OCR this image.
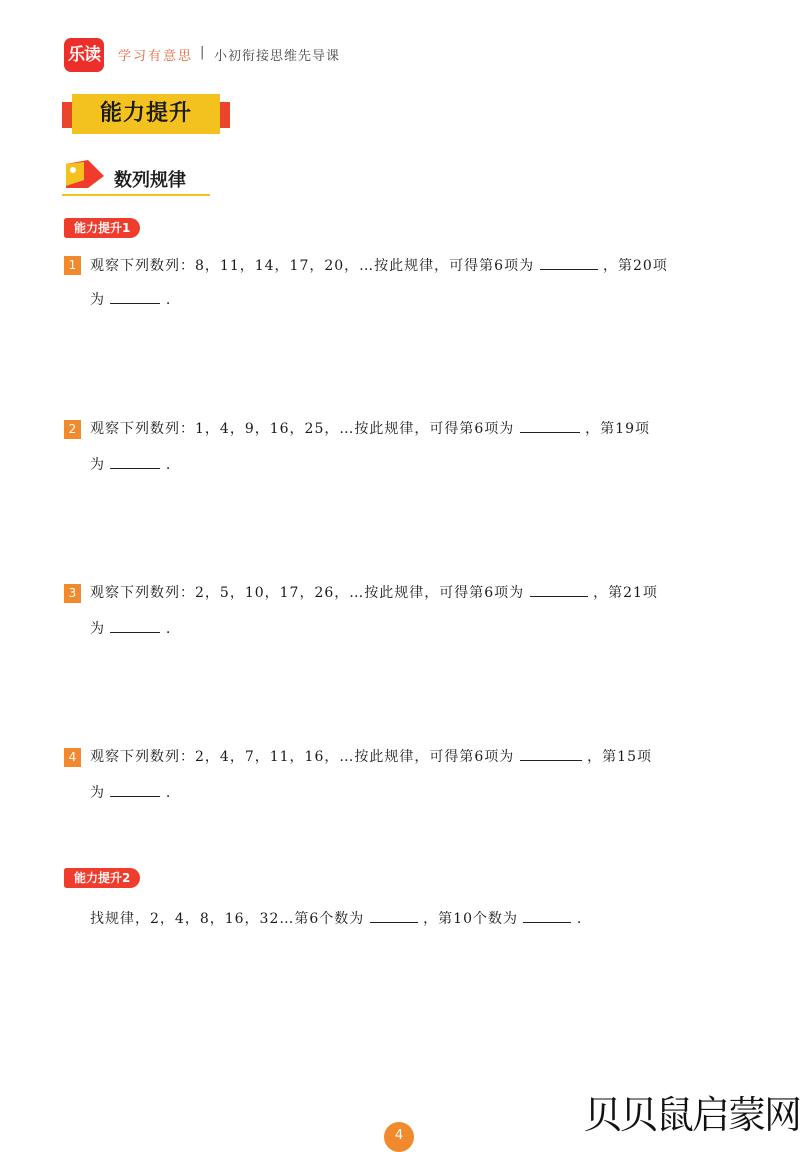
乐读	学习有意思 | 小初衔接思维先导课
能力提升
数列规律
能力提升1
1 观察下列数列：8，11，14，17，20，…按此规律，可得第6项为	，第20项
为	.
2 观察下列数列：1，4，9，16，25，…按此规律，可得第6项为	，第19项
为	.
3 观察下列数列：2，5，10，17，26，…按此规律，可得第6项为	，第21项
为	.
4 观察下列数列：2，4，7，11，16，…按此规律，可得第6项为	，第15项
为	.
能力提升2
找规律，2，4，8，16，32…第6个数为	，第10个数为	.
贝贝鼠启蒙网
4
